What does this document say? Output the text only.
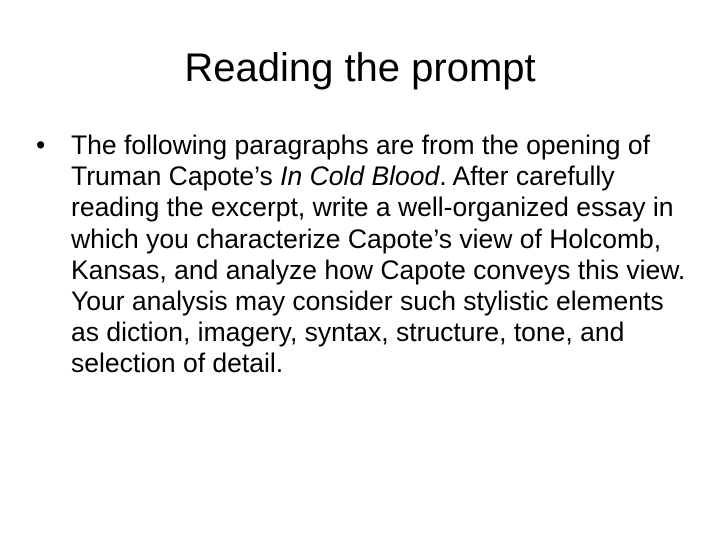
Reading the prompt
• The following paragraphs are from the opening of Truman Capote’s In Cold Blood. After carefully reading the excerpt, write a well-organized essay in which you characterize Capote’s view of Holcomb, Kansas, and analyze how Capote conveys this view. Your analysis may consider such stylistic elements as diction, imagery, syntax, structure, tone, and selection of detail.
